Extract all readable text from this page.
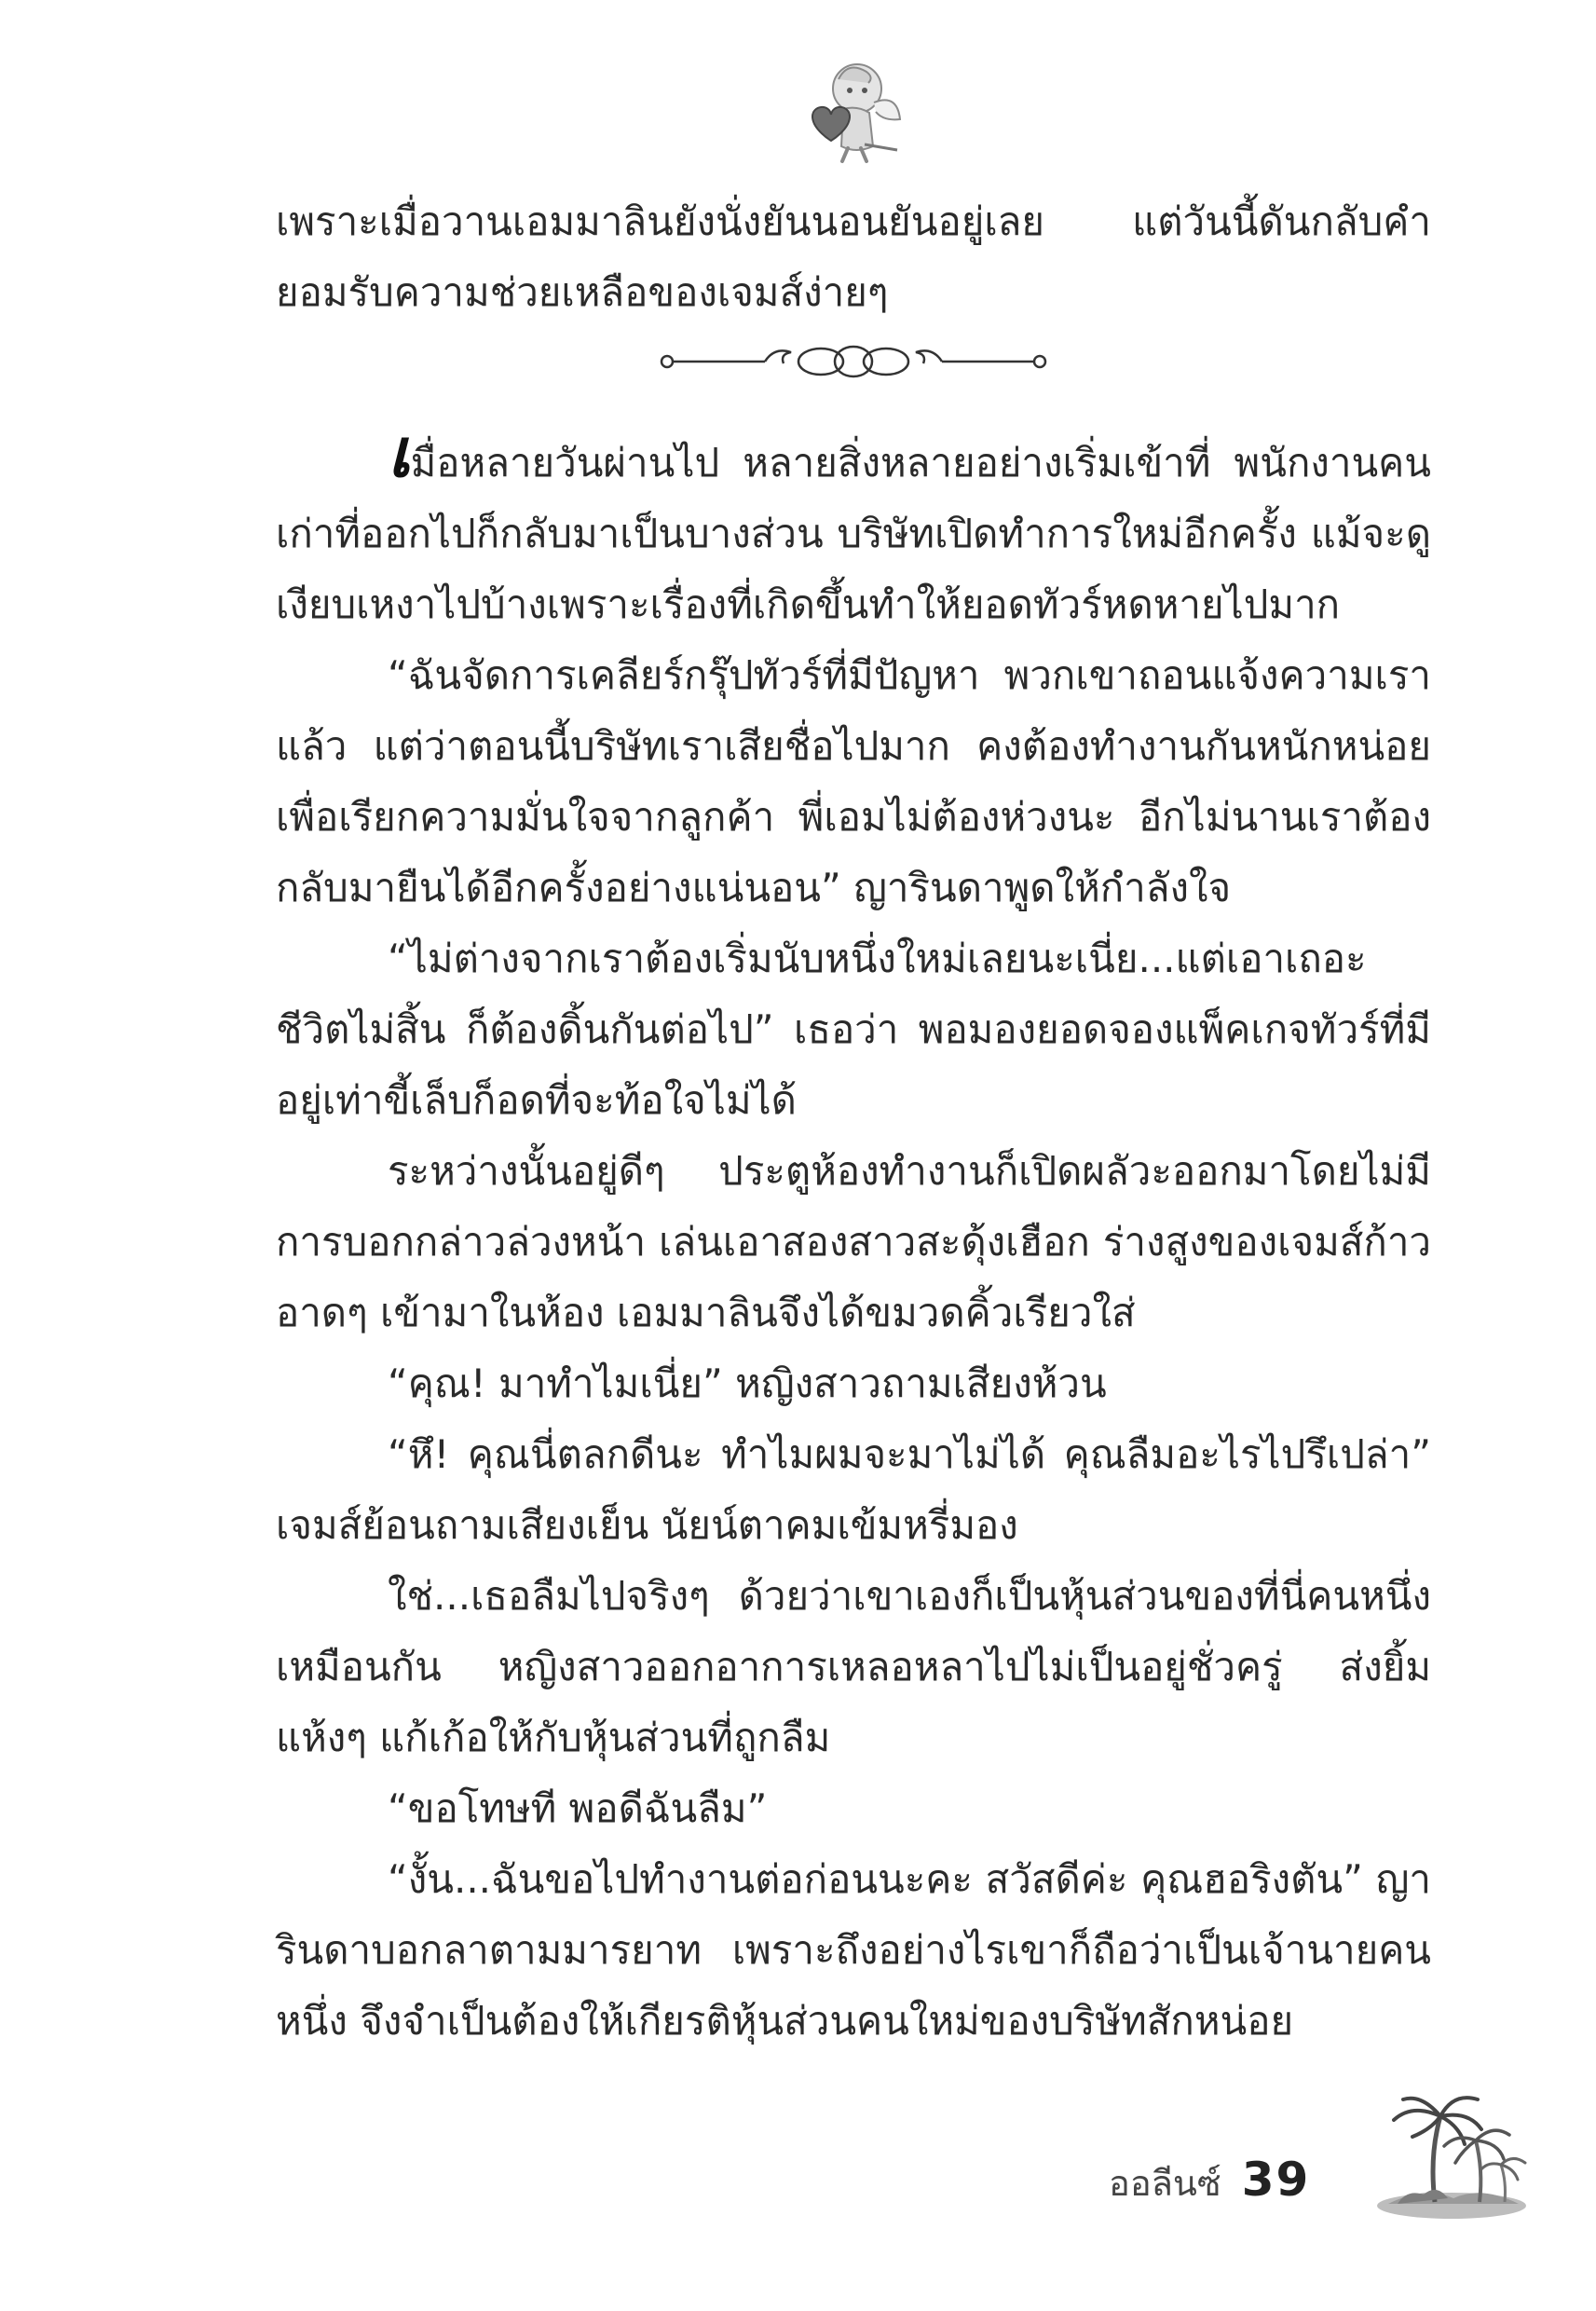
เพราะเมื่อวานเอมมาลินยังนั่งยันนอนยันอยู่เลย แต่วันนี้ดันกลับคำยอมรับความช่วยเหลือของเจมส์ง่ายๆ

เมื่อหลายวันผ่านไป หลายสิ่งหลายอย่างเริ่มเข้าที่ พนักงานคนเก่าที่ออกไปก็กลับมาเป็นบางส่วน บริษัทเปิดทำการใหม่อีกครั้ง แม้จะดูเงียบเหงาไปบ้างเพราะเรื่องที่เกิดขึ้นทำให้ยอดทัวร์หดหายไปมาก

“ฉันจัดการเคลียร์กรุ๊ปทัวร์ที่มีปัญหา พวกเขาถอนแจ้งความเราแล้ว แต่ว่าตอนนี้บริษัทเราเสียชื่อไปมาก คงต้องทำงานกันหนักหน่อยเพื่อเรียกความมั่นใจจากลูกค้า พี่เอมไม่ต้องห่วงนะ อีกไม่นานเราต้องกลับมายืนได้อีกครั้งอย่างแน่นอน” ญารินดาพูดให้กำลังใจ

“ไม่ต่างจากเราต้องเริ่มนับหนึ่งใหม่เลยนะเนี่ย...แต่เอาเถอะ ชีวิตไม่สิ้น ก็ต้องดิ้นกันต่อไป” เธอว่า พอมองยอดจองแพ็คเกจทัวร์ที่มีอยู่เท่าขี้เล็บก็อดที่จะท้อใจไม่ได้

ระหว่างนั้นอยู่ดีๆ ประตูห้องทำงานก็เปิดผลัวะออกมาโดยไม่มีการบอกกล่าวล่วงหน้า เล่นเอาสองสาวสะดุ้งเฮือก ร่างสูงของเจมส์ก้าวอาดๆ เข้ามาในห้อง เอมมาลินจึงได้ขมวดคิ้วเรียวใส่

“คุณ! มาทำไมเนี่ย” หญิงสาวถามเสียงห้วน

“หึ! คุณนี่ตลกดีนะ ทำไมผมจะมาไม่ได้ คุณลืมอะไรไปรึเปล่า” เจมส์ย้อนถามเสียงเย็น นัยน์ตาคมเข้มหรี่มอง

ใช่...เธอลืมไปจริงๆ ด้วยว่าเขาเองก็เป็นหุ้นส่วนของที่นี่คนหนึ่งเหมือนกัน หญิงสาวออกอาการเหลอหลาไปไม่เป็นอยู่ชั่วครู่ ส่งยิ้มแห้งๆ แก้เก้อให้กับหุ้นส่วนที่ถูกลืม

“ขอโทษที พอดีฉันลืม”

“งั้น...ฉันขอไปทำงานต่อก่อนนะคะ สวัสดีค่ะ คุณฮอริงตัน” ญารินดาบอกลาตามมารยาท เพราะถึงอย่างไรเขาก็ถือว่าเป็นเจ้านายคนหนึ่ง จึงจำเป็นต้องให้เกียรติหุ้นส่วนคนใหม่ของบริษัทสักหน่อย

ออลีนซ์ 39
